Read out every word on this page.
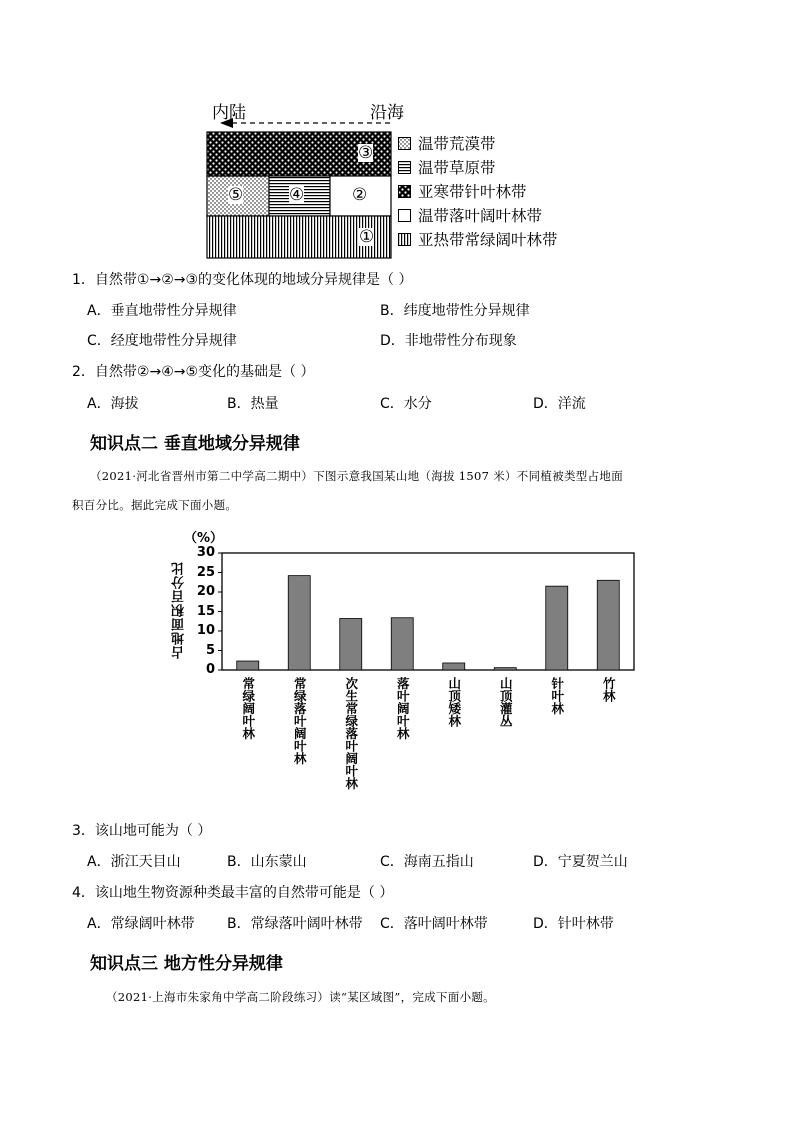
内陆	沿海
③
⑤	④	②
①
温带荒漠带
温带草原带
亚寒带针叶林带
温带落叶阔叶林带
亚热带常绿阔叶林带
1．自然带①→②→③的变化体现的地域分异规律是（ ）
A．垂直地带性分异规律	B．纬度地带性分异规律
C．经度地带性分异规律	D．非地带性分布现象
2．自然带②→④→⑤变化的基础是（ ）
A．海拔	B．热量	C．水分	D．洋流
知识点二 垂直地域分异规律
（2021·河北省晋州市第二中学高二期中）下图示意我国某山地（海拔 1507 米）不同植被类型占地面
积百分比。据此完成下面小题。
（%）
占地面积百分比
30
25
20
15
10
5
0
常绿阔叶林	常绿落叶阔叶林	次生常绿落叶阔叶林	落叶阔叶林	山顶矮林	山顶灌丛	针叶林	竹林
3．该山地可能为（ ）
A．浙江天目山	B．山东蒙山	C．海南五指山	D．宁夏贺兰山
4．该山地生物资源种类最丰富的自然带可能是（ ）
A．常绿阔叶林带 B．常绿落叶阔叶林带 C．落叶阔叶林带	D．针叶林带
知识点三 地方性分异规律
（2021·上海市朱家角中学高二阶段练习）读“某区域图”，完成下面小题。
